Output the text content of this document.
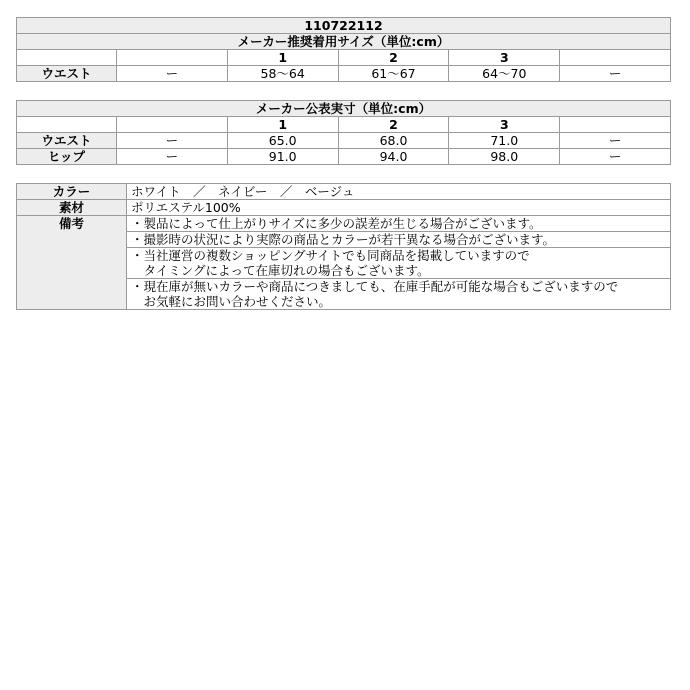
110722112					
メーカー推奨着用サイズ（単位:cm）					
		1	2	3	
ウエスト	ー	58〜64	61〜67	64〜70	ー
メーカー公表実寸（単位:cm）					
		1	2	3	
ウエスト	ー	65.0	68.0	71.0	ー
ヒップ	ー	91.0	94.0	98.0	ー
カラー	ホワイト　／　ネイビー　／　ベージュ
素材	ポリエステル100%
備考	・製品によって仕上がりサイズに多少の誤差が生じる場合がございます。
	・撮影時の状況により実際の商品とカラーが若干異なる場合がございます。

	・当社運営の複数ショッピングサイトでも同商品を掲載していますので
　タイミングによって在庫切れの場合もございます。

	・現在庫が無いカラーや商品につきましても、在庫手配が可能な場合もございますので
　お気軽にお問い合わせください。
